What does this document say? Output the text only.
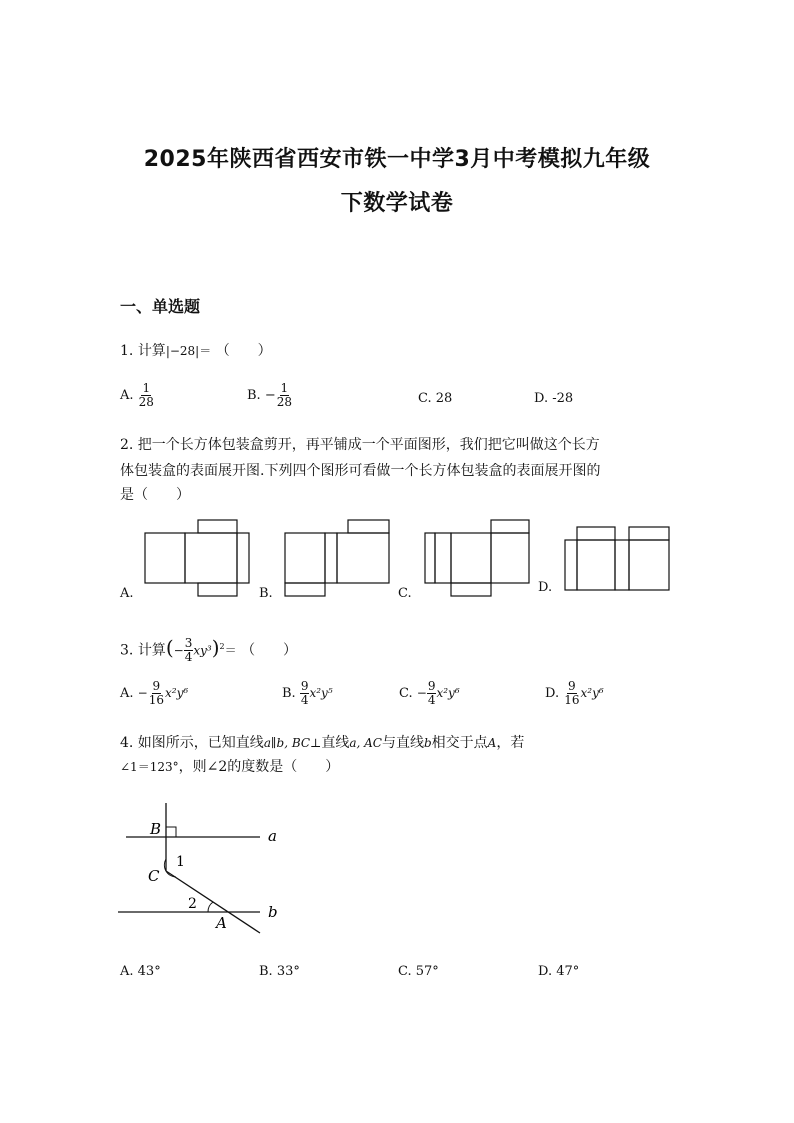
2025年陕西省西安市铁一中学3月中考模拟九年级
下数学试卷
一、单选题
1. 计算|−28|＝ （　　）
A. $\frac{1}{28}$	B. − $\frac{1}{28}$	C. 28	D. -28
2. 把一个长方体包装盒剪开，再平铺成一个平面图形，我们把它叫做这个长方
体包装盒的表面展开图.下列四个图形可看做一个长方体包装盒的表面展开图的
是（　　）
A.	B.	C.	D.
3. 计算(− $\frac{3}{4} xy^3)^2=$ （　　）
A. − $\frac{9}{16} x^2y^6$	B. $\frac{9}{4} x^2y^5$	C. − $\frac{9}{4} x^2y^6$	D. $\frac{9}{16} x^2y^6$
4. 如图所示，已知直线a∥b, BC⊥直线a, AC与直线b相交于点A，若
∠1＝123°，则∠2的度数是（　　）
B
C
A
a
b
1
2
A. 43°	B. 33°	C. 57°	D. 47°
